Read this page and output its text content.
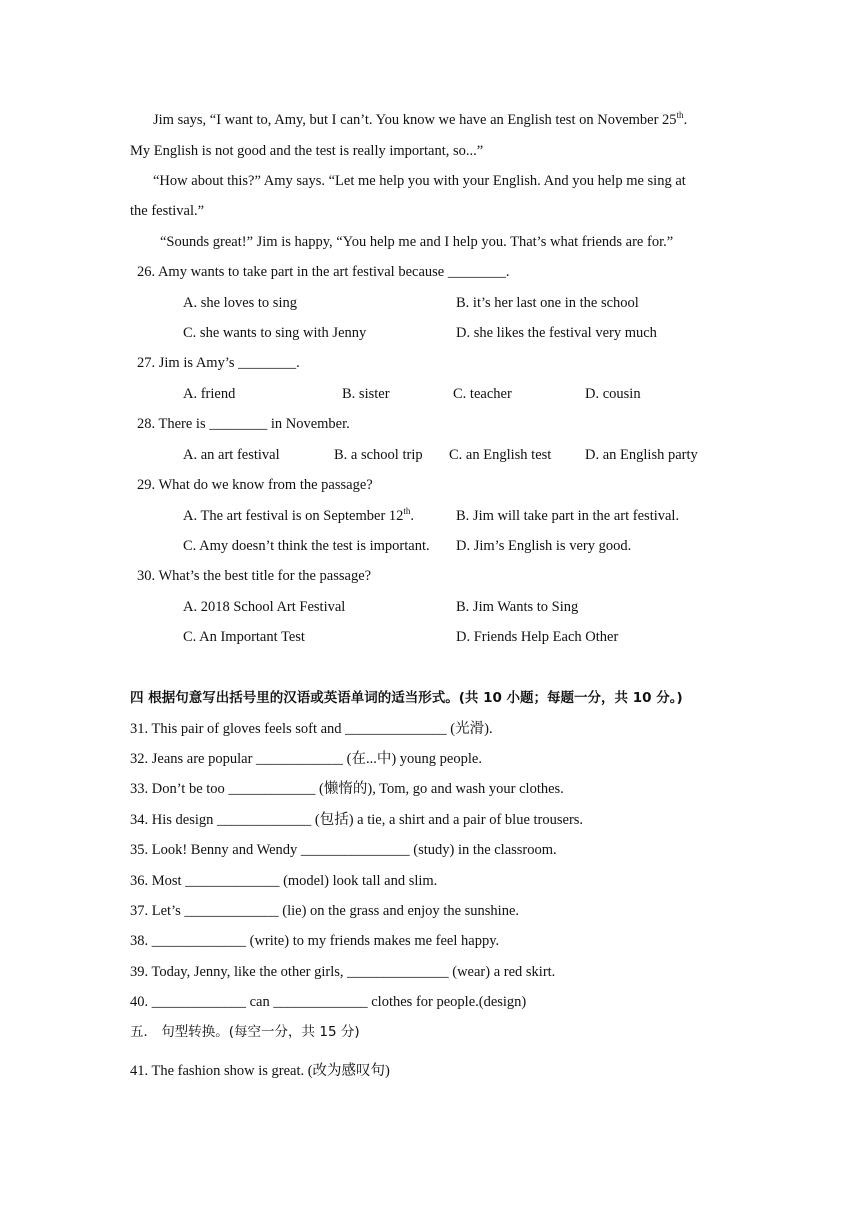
Jim says, “I want to, Amy, but I can’t. You know we have an English test on November 25th.
My English is not good and the test is really important, so...”
“How about this?” Amy says. “Let me help you with your English. And you help me sing at
the festival.”
“Sounds great!” Jim is happy, “You help me and I help you. That’s what friends are for.”
26. Amy wants to take part in the art festival because ________.
A. she loves to sing	B. it’s her last one in the school
C. she wants to sing with Jenny	D. she likes the festival very much
27. Jim is Amy’s ________.
A. friend	B. sister	C. teacher	D. cousin
28. There is ________ in November.
A. an art festival	B. a school trip C. an English test D. an English party
29. What do we know from the passage?
A. The art festival is on September 12th.	B. Jim will take part in the art festival.
C. Amy doesn’t think the test is important. D. Jim’s English is very good.
30. What’s the best title for the passage?
A. 2018 School Art Festival	B. Jim Wants to Sing
C. An Important Test	D. Friends Help Each Other
四 根据句意写出括号里的汉语或英语单词的适当形式。(共 10 小题；每题一分，共 10 分。)
31. This pair of gloves feels soft and ______________ (光滑).
32. Jeans are popular ____________ (在...中) young people.
33. Don’t be too ____________ (懒惰的), Tom, go and wash your clothes.
34. His design _____________ (包括) a tie, a shirt and a pair of blue trousers.
35. Look! Benny and Wendy _______________ (study) in the classroom.
36. Most _____________ (model) look tall and slim.
37. Let’s _____________ (lie) on the grass and enjoy the sunshine.
38. _____________ (write) to my friends makes me feel happy.
39. Today, Jenny, like the other girls, ______________ (wear) a red skirt.
40. _____________ can _____________ clothes for people.(design)
五． 句型转换。(每空一分，共 15 分)
41. The fashion show is great. (改为感叹句)
